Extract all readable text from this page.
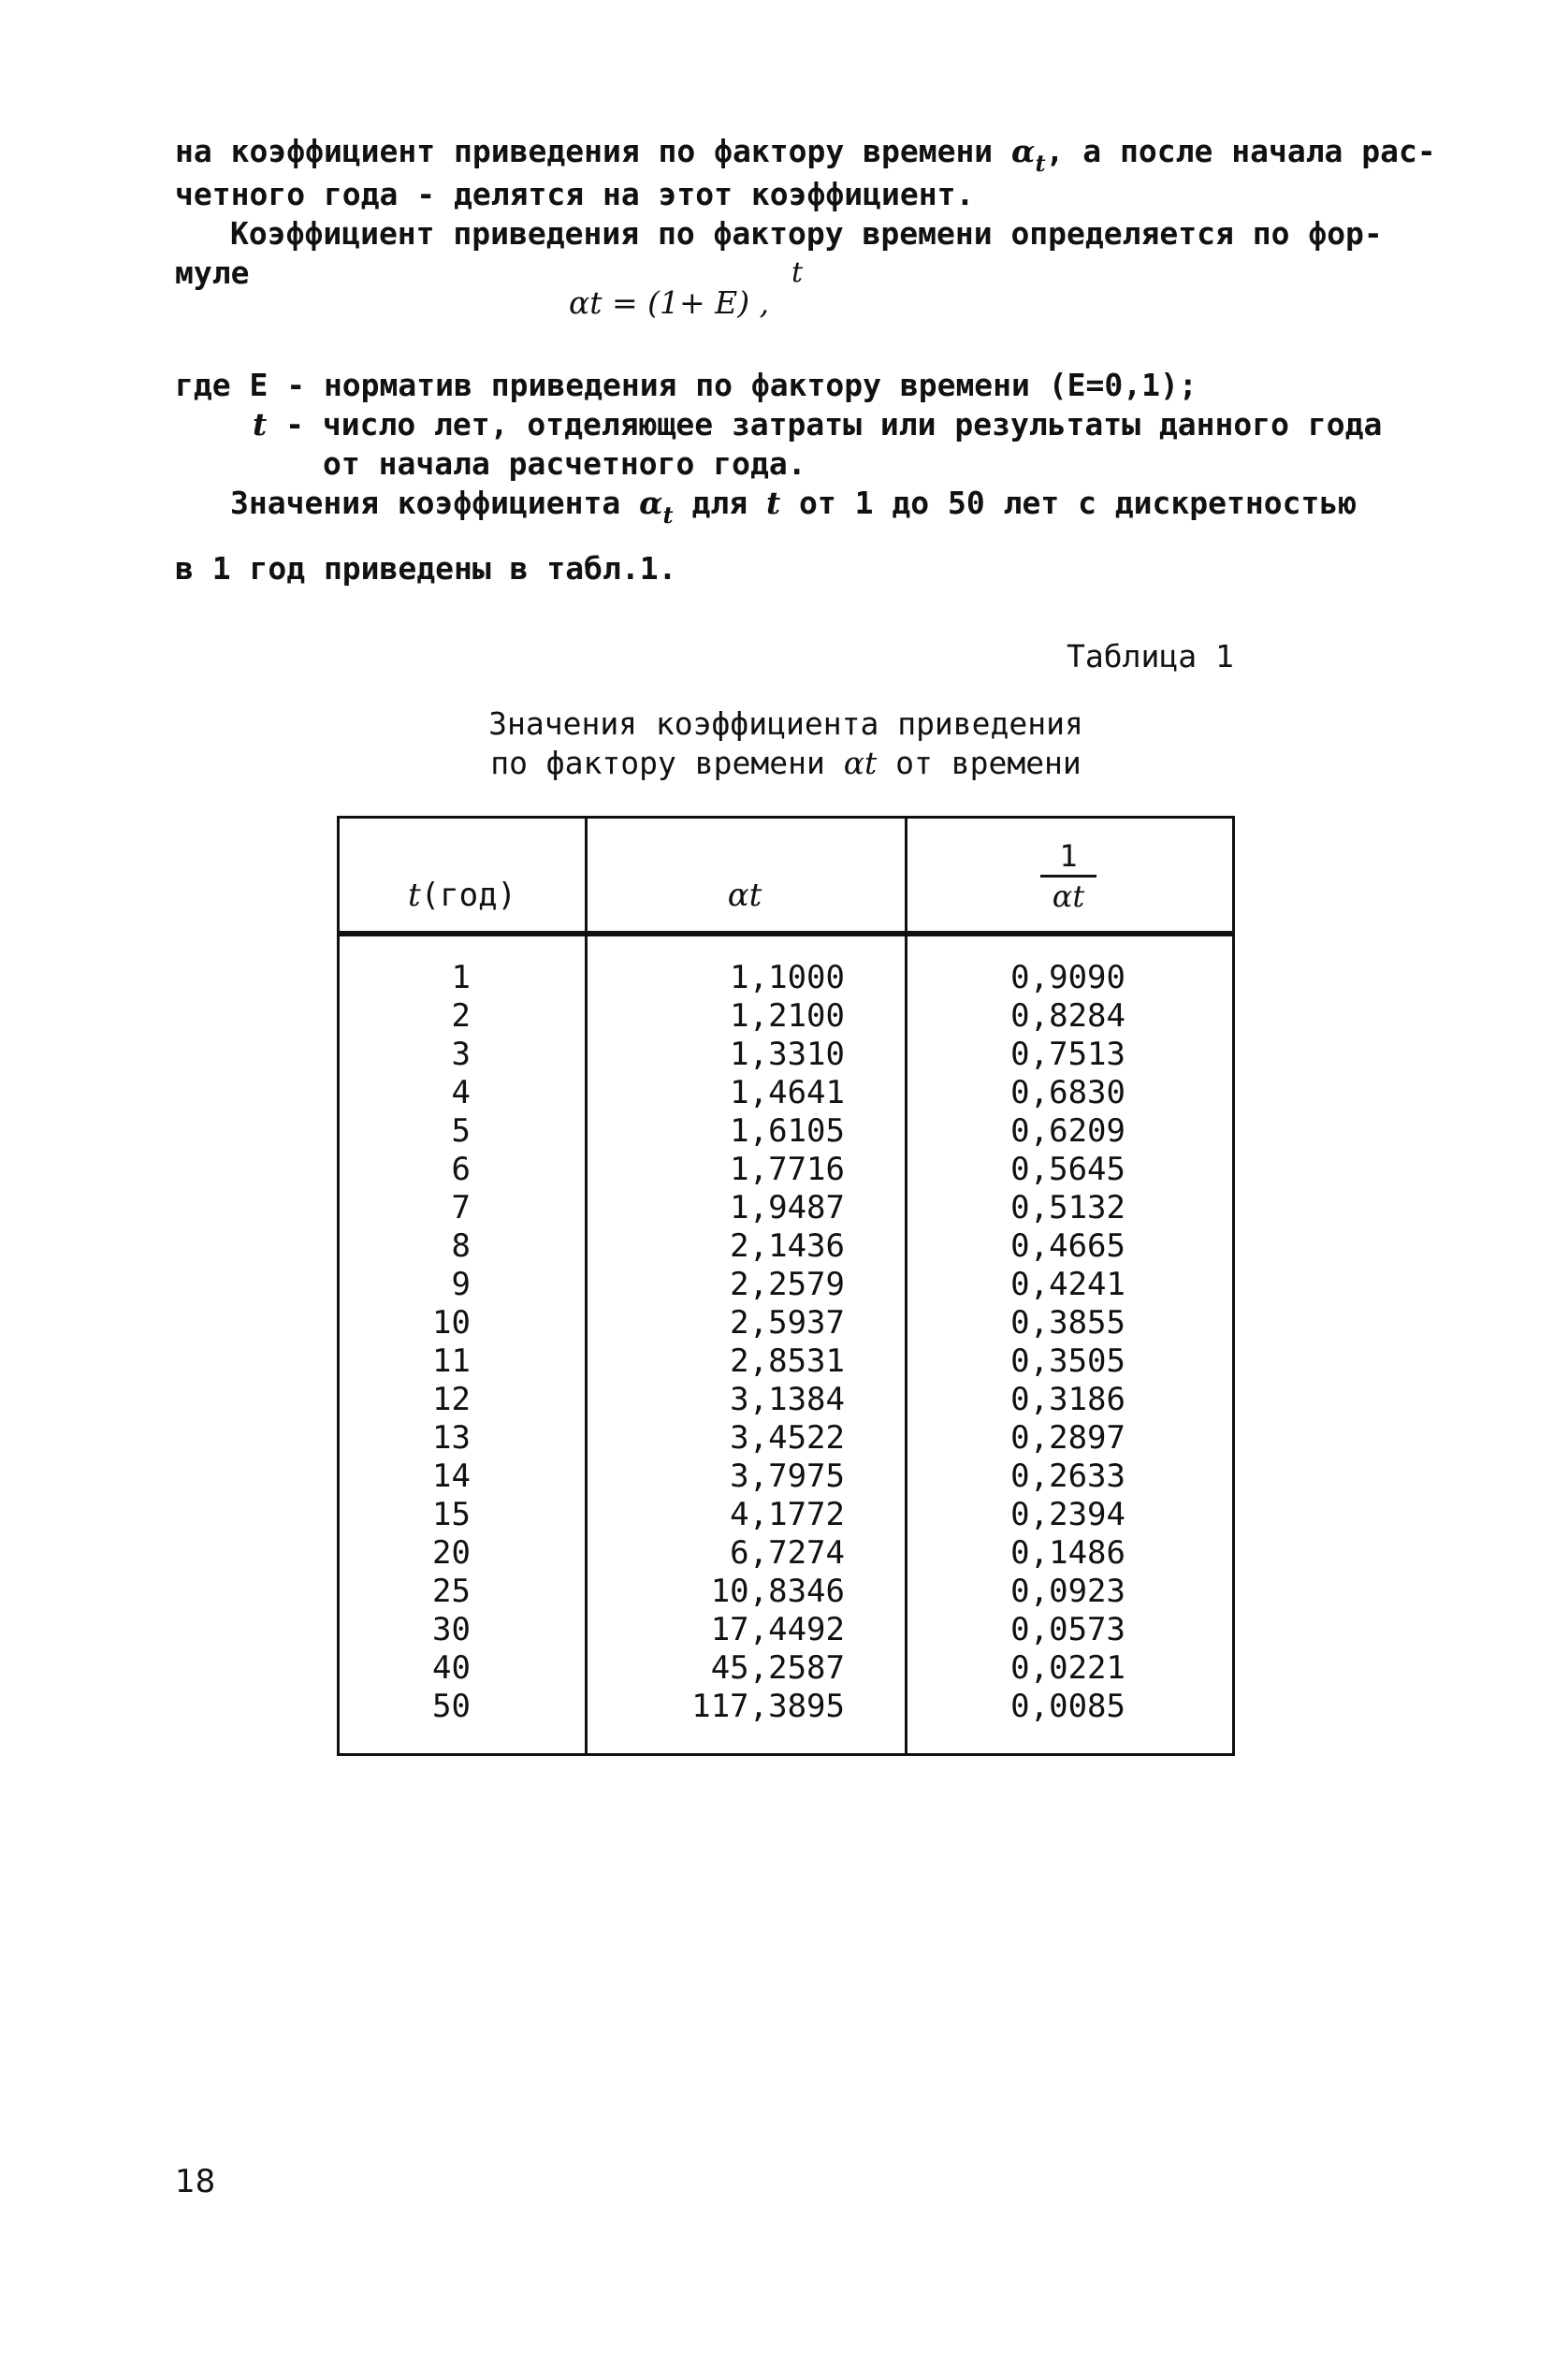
на коэффициент приведения по фактору времени $\alpha_t$, а после начала рас-
четного года - делятся на этот коэффициент.
Коэффициент приведения по фактору времени определяется по фор-
муле	t
αt = (1+ E) ,
где Е - норматив приведения по фактору времени (Е=0,1);
t - число лет, отделяющее затраты или результаты данного года
от начала расчетного года.
Значения коэффициента $\alpha_t$ для t от 1 до 50 лет с дискретностью
в 1 год приведены в табл.1.
Таблица 1
Значения коэффициента приведения
по фактору времени αt от времени
t (год)	αt	$\frac{1}{\alpha t}$
1	1,1000	0,9090
2	1,2100	0,8284
3	1,3310	0,7513
4	1,4641	0,6830
5	1,6105	0,6209
6	1,7716	0,5645
7	1,9487	0,5132
8	2,1436	0,4665
9	2,2579	0,4241
10	2,5937	0,3855
11	2,8531	0,3505
12	3,1384	0,3186
13	3,4522	0,2897
14	3,7975	0,2633
15	4,1772	0,2394
20	6,7274	0,1486
25	10,8346	0,0923
30	17,4492	0,0573
40	45,2587	0,0221
50	117,3895	0,0085
18
